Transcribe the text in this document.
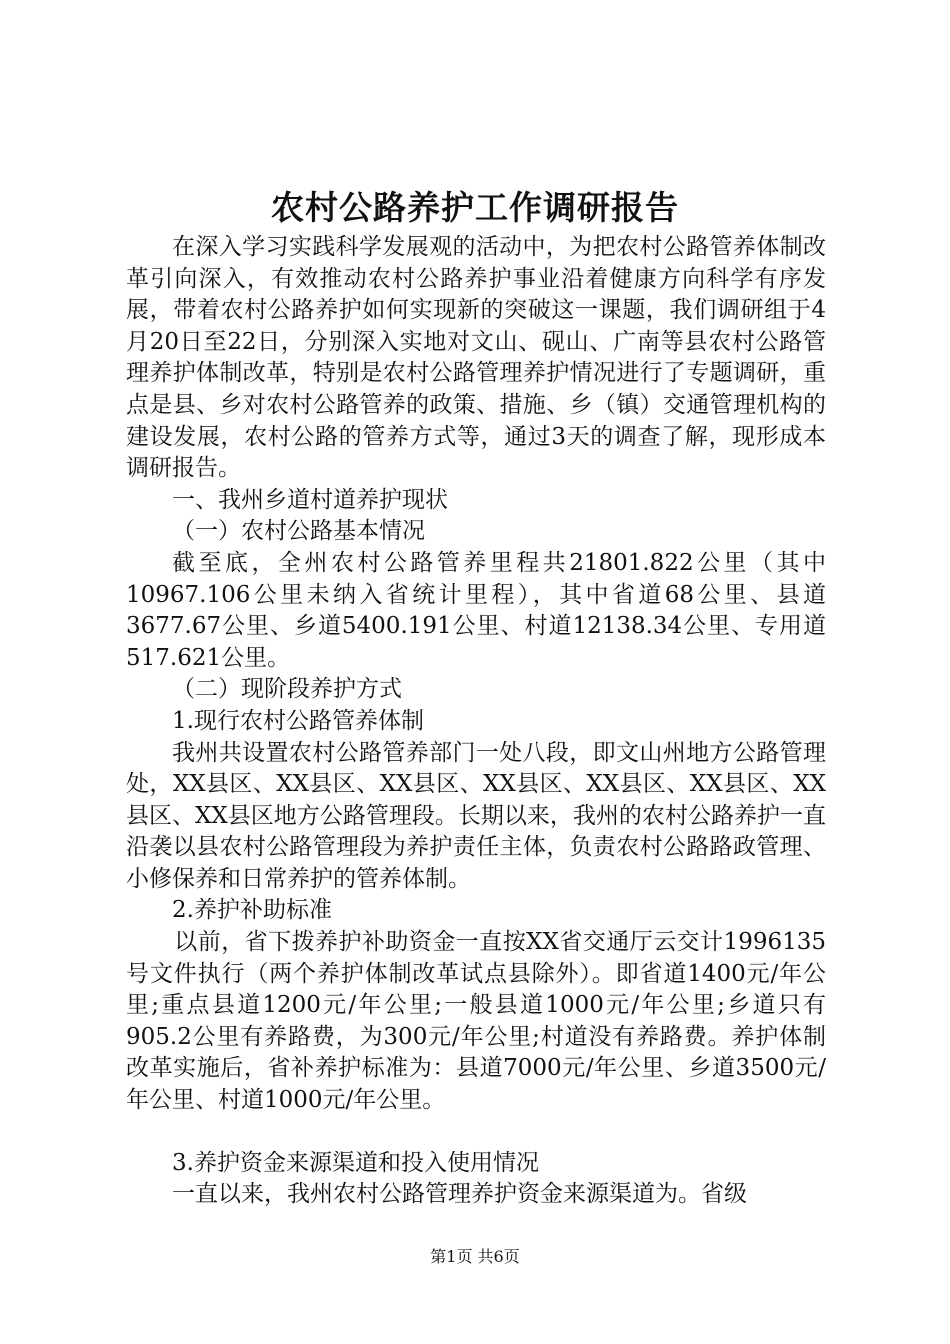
农村公路养护工作调研报告

在深入学习实践科学发展观的活动中，为把农村公路管养体制改革引向深入，有效推动农村公路养护事业沿着健康方向科学有序发展，带着农村公路养护如何实现新的突破这一课题，我们调研组于4月20日至22日，分别深入实地对文山、砚山、广南等县农村公路管理养护体制改革，特别是农村公路管理养护情况进行了专题调研，重点是县、乡对农村公路管养的政策、措施、乡（镇）交通管理机构的建设发展，农村公路的管养方式等，通过3天的调查了解，现形成本调研报告。

一、我州乡道村道养护现状

（一）农村公路基本情况

截至底，全州农村公路管养里程共21801.822公里（其中10967.106公里未纳入省统计里程），其中省道68公里、县道3677.67公里、乡道5400.191公里、村道12138.34公里、专用道517.621公里。

（二）现阶段养护方式

1.现行农村公路管养体制

我州共设置农村公路管养部门一处八段，即文山州地方公路管理处，XX县区、XX县区、XX县区、XX县区、XX县区、XX县区、XX县区、XX县区地方公路管理段。长期以来，我州的农村公路养护一直沿袭以县农村公路管理段为养护责任主体，负责农村公路路政管理、小修保养和日常养护的管养体制。

2.养护补助标准

以前，省下拨养护补助资金一直按XX省交通厅云交计1996135号文件执行（两个养护体制改革试点县除外）。即省道1400元/年公里;重点县道1200元/年公里;一般县道1000元/年公里;乡道只有905.2公里有养路费，为300元/年公里;村道没有养路费。养护体制改革实施后，省补养护标准为：县道7000元/年公里、乡道3500元/年公里、村道1000元/年公里。

3.养护资金来源渠道和投入使用情况

一直以来，我州农村公路管理养护资金来源渠道为。省级

第1页 共6页
